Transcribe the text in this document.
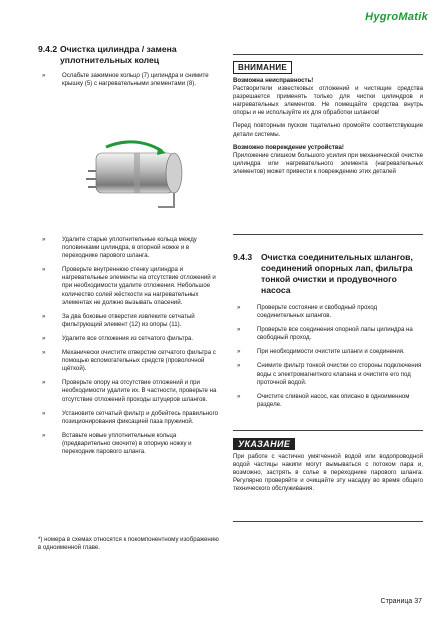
HygroMatik
9.4.2 Очистка цилиндра / замена уплотнительных колец
»	Ослабьте зажимное кольцо (7) цилиндра и снимите крышку (5) с нагревательными элементами (8).
»	Удалите старые уплотнительные кольца между половинками цилиндра, в опорной ножке и в переходнике парового шланга.
»	Проверьте внутреннюю стенку цилиндра и нагревательные элементы на отсутствие отложений и при необходимости удалите отложения. Небольшое количество солей жёсткости на нагревательных элементах не должно вызывать опасений.
»	За два боковые отверстия извлеките сетчатый фильтрующий элемент (12) из опоры (11).
»	Удалите все отложения из сетчатого фильтра.
»	Механически очистите отверстие сетчатого фильтра с помощью вспомогательных средств (проволочной щёткой).
»	Проверьте опору на отсутствие отложений и при необходимости удалите их. В частности, проверьте на отсутствие отложений проходы штуцеров шлангов.
»	Установите сетчатый фильтр и добейтесь правильного позиционирования фиксацией паза пружиной.
»	Вставьте новые уплотнительные кольца (предварительно смочите) в опорную ножку и переходник парового шланга.
*) номера в схемах относятся к покомпонентному изображению в одноименной главе.
ВНИМАНИЕ
Возможна неисправность!
Растворители известковых отложений и чистящие средства разрешается применять только для чистки цилиндров и нагревательных элементов. Не помещайте средства внутрь опоры и не используйте их для обработки шлангов!
Перед повторным пуском тщательно промойте соответствующие детали системы.
Возможно повреждение устройства!
Приложение слишком большого усилия при механической очистке цилиндра или нагревательного элемента (нагревательных элементов) может привести к повреждению этих деталей
9.4.3	Очистка соединительных шлангов, соединений опорных лап, фильтра тонкой очистки и продувочного насоса
»	Проверьте состояние и свободный проход соединительных шлангов.
»	Проверьте все соединения опорной лапы цилиндра на свободный проход.
»	При необходимости очистите шланги и соединения.
»	Снимите фильтр тонкой очистки со стороны подключения воды с электромагнитного клапана и очистите его под проточной водой.
»	Очистите сливной насос, как описано в одноименном разделе.
УКАЗАНИЕ
При работе с частично умягченной водой или водопроводной водой частицы накипи могут вымываться с потоком пара и, возможно, застрять в солье в переходнике парового шланга. Регулярно проверяйте и очищайте эту насадку во время общего технического обслуживания.
Страница 37
